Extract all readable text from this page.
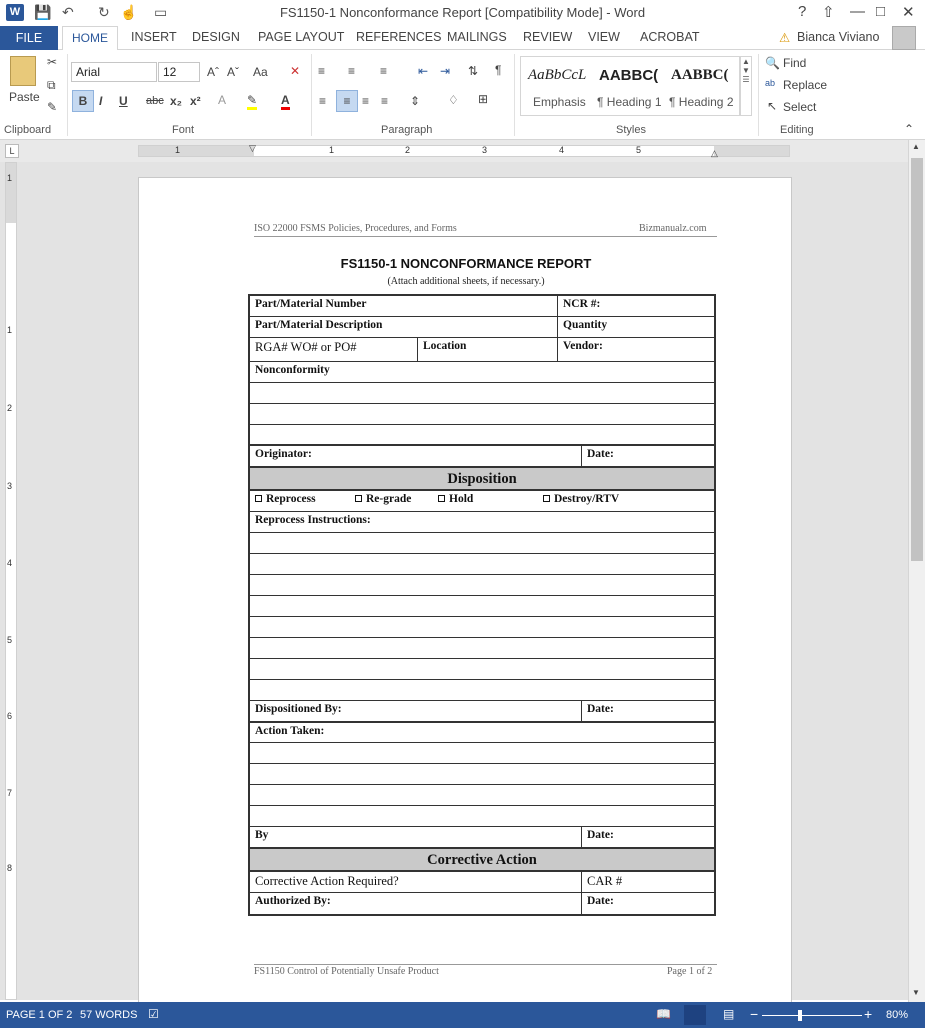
W 💾 ↶ ↻ ☝ ▭	FS1150-1 Nonconformance Report [Compatibility Mode] - Word	? ⇧ — □ ✕
FILE	HOME	INSERT DESIGN PAGE LAYOUT REFERENCES MAILINGS REVIEW VIEW ACROBAT	⚠ Bianca Viviano
Paste
✂
⧉
✎
Clipboard
Arial	12	Aˆ Aˇ Aa ✕
B I U abc x₂ x² A ✎ A
Font
≡ ≡ ≡	⇤ ⇥ ⇅ ¶
≡	≡ ≡ ≡ ⇕ ♢ ⊞
Paragraph
AaBbCcL
Emphasis
AABBC(
¶ Heading 1
AABBC(
¶ Heading 2
▲
▼
☰
Styles
🔍 Find
ab Replace
↖ Select
Editing	⌃
L	1	1	2	3	4	5
▽	△
1
1
2
3
4
5
6
7
8
ISO 22000 FSMS Policies, Procedures, and Forms	Bizmanualz.com
FS1150-1 NONCONFORMANCE REPORT
(Attach additional sheets, if necessary.)
Part/Material Number	NCR #:
Part/Material Description	Quantity
RGA# WO# or PO#	Location	Vendor:
Nonconformity
Originator:	Date:
Disposition
Reprocess	Re-grade	Hold	Destroy/RTV
Reprocess Instructions:
Dispositioned By:	Date:
Action Taken:
By	Date:
Corrective Action
Corrective Action Required?	CAR #
Authorized By:	Date:
FS1150 Control of Potentially Unsafe Product	Page 1 of 2
▲
▼
PAGE 1 OF 2 57 WORDS ☑	📖	▤ −	+ 80%
